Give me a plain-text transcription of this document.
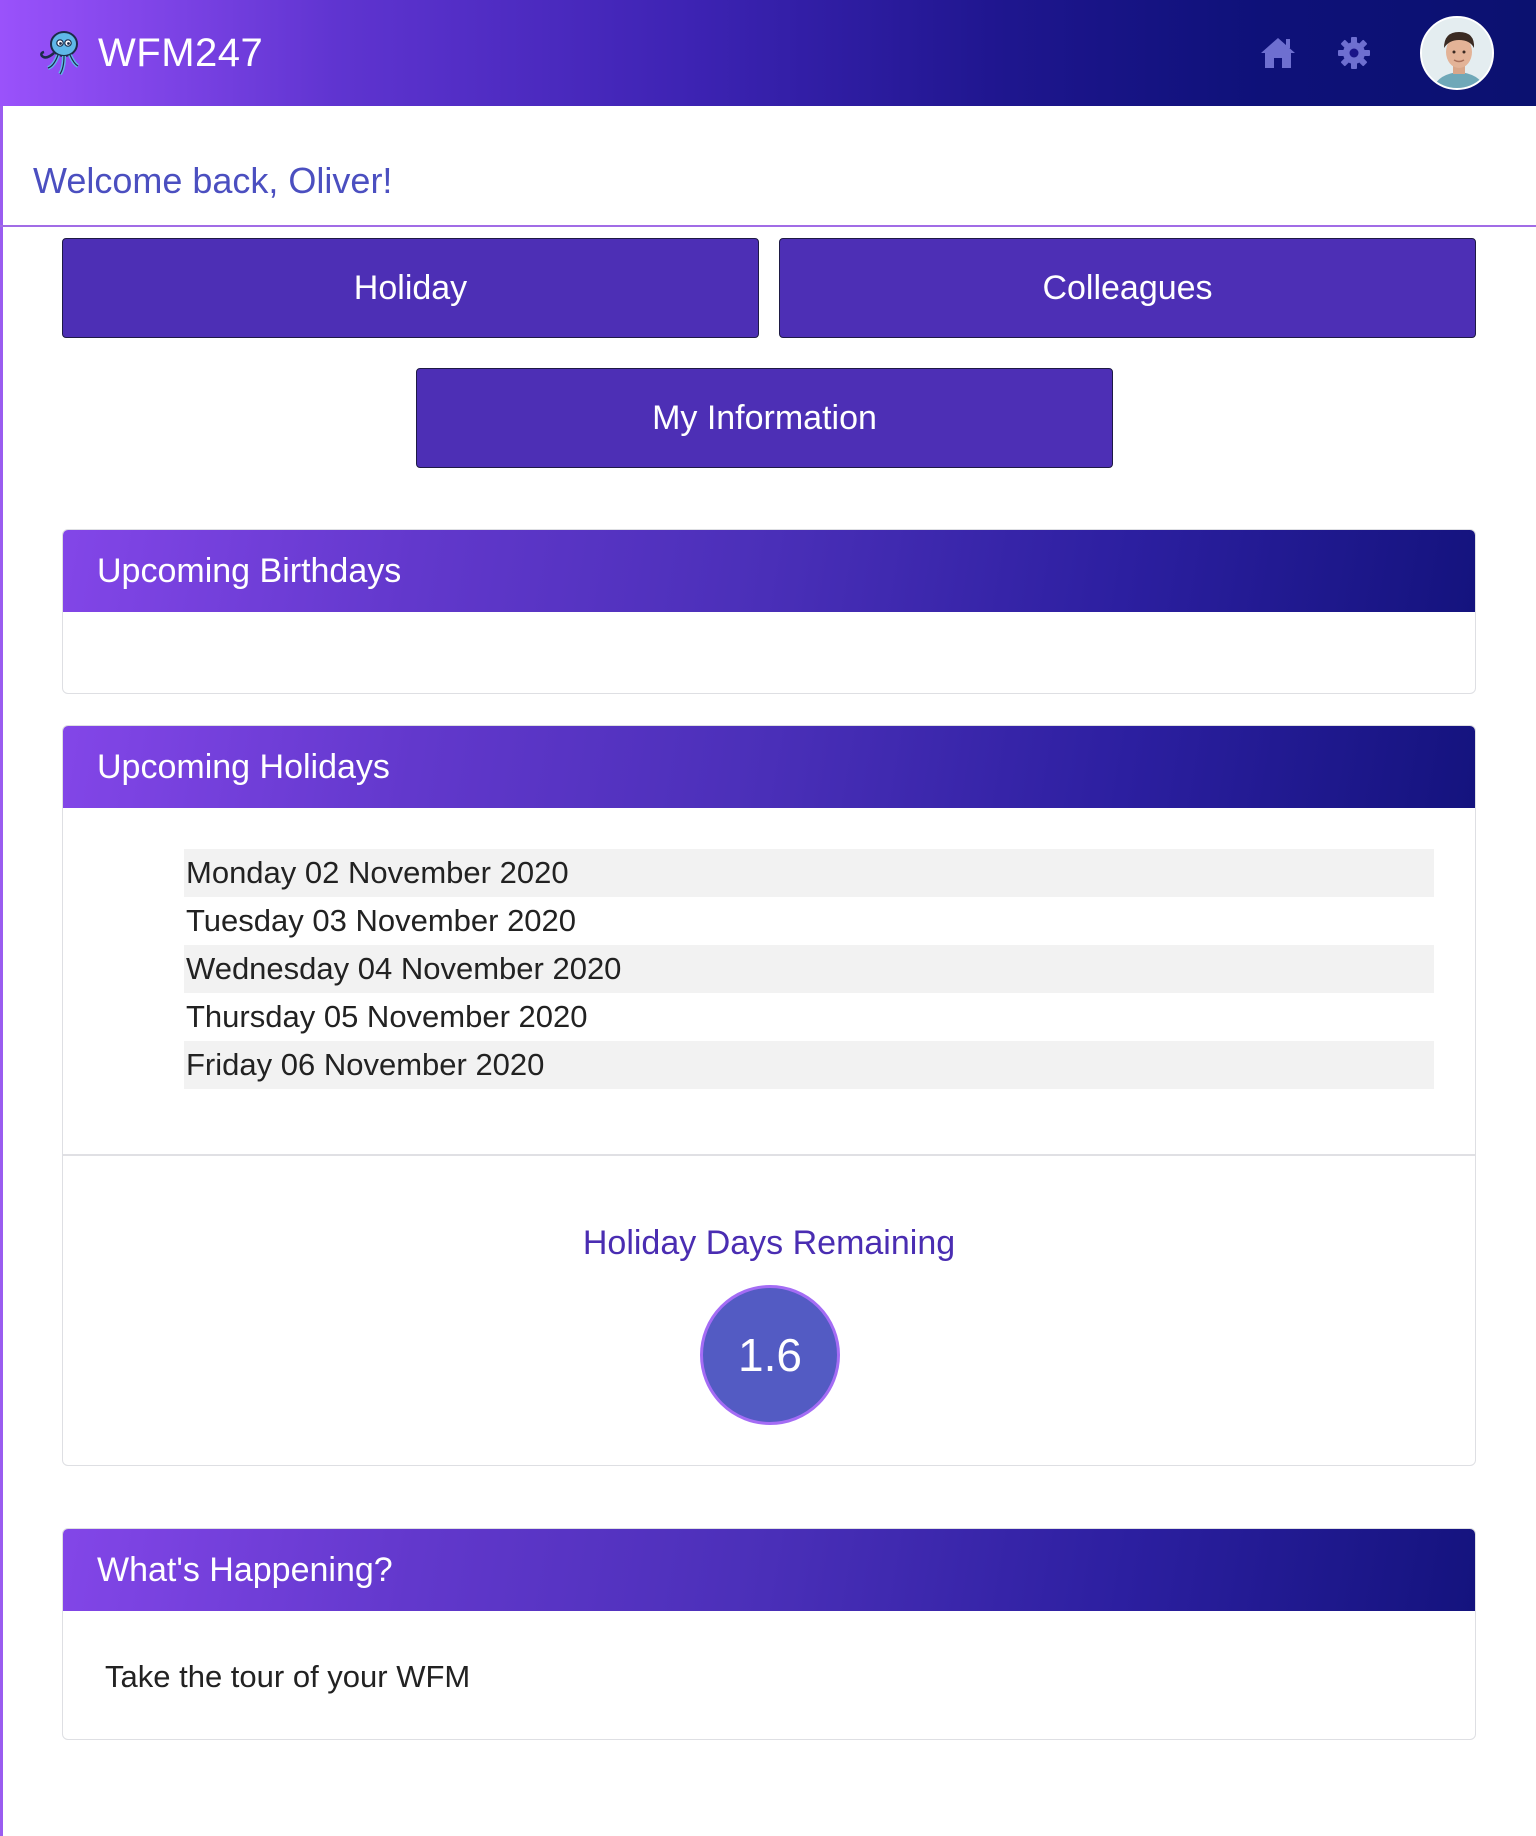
WFM247
Welcome back, Oliver!
Holiday	Colleagues
My Information
Upcoming Birthdays
Upcoming Holidays
Monday 02 November 2020
Tuesday 03 November 2020
Wednesday 04 November 2020
Thursday 05 November 2020
Friday 06 November 2020
Holiday Days Remaining
1.6
What's Happening?
Take the tour of your WFM
